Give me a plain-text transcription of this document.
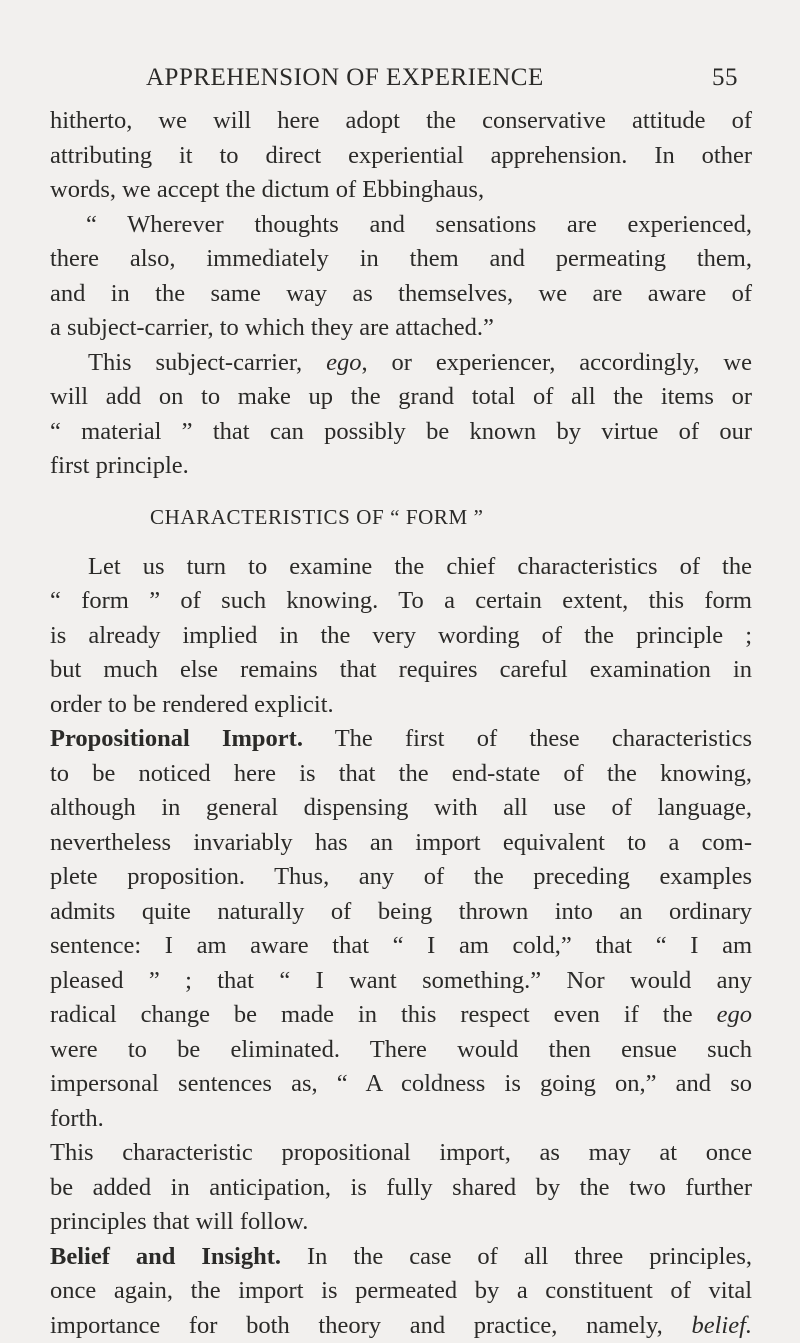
APPREHENSION OF EXPERIENCE	55
hitherto, we will here adopt the conservative attitude of
attributing it to direct experiential apprehension. In other
words, we accept the dictum of Ebbinghaus,
“ Wherever thoughts and sensations are experienced,
there also, immediately in them and permeating them,
and in the same way as themselves, we are aware of
a subject-carrier, to which they are attached.”
This subject-carrier, ego, or experiencer, accordingly, we
will add on to make up the grand total of all the items or
“ material ” that can possibly be known by virtue of our
first principle.
CHARACTERISTICS OF “ FORM ”
Let us turn to examine the chief characteristics of the
“ form ” of such knowing. To a certain extent, this form
is already implied in the very wording of the principle ;
but much else remains that requires careful examination in
order to be rendered explicit.
Propositional Import. The first of these characteristics
to be noticed here is that the end-state of the knowing,
although in general dispensing with all use of language,
nevertheless invariably has an import equivalent to a com-
plete proposition. Thus, any of the preceding examples
admits quite naturally of being thrown into an ordinary
sentence: I am aware that “ I am cold,” that “ I am
pleased ” ; that “ I want something.” Nor would any
radical change be made in this respect even if the ego
were to be eliminated. There would then ensue such
impersonal sentences as, “ A coldness is going on,” and so
forth.
This characteristic propositional import, as may at once
be added in anticipation, is fully shared by the two further
principles that will follow.
Belief and Insight. In the case of all three principles,
once again, the import is permeated by a constituent of vital
importance for both theory and practice, namely, belief.
